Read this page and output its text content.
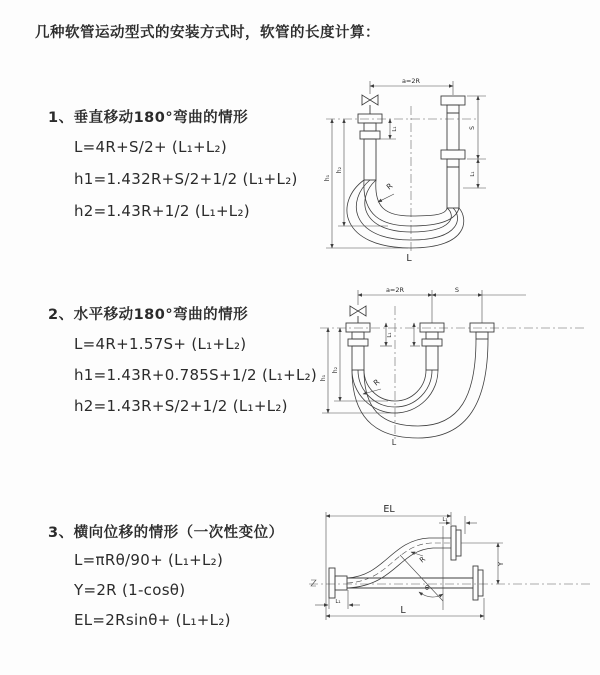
几种软管运动型式的安装方式时，软管的长度计算：
1、垂直移动180°弯曲的情形
L=4R+S/2+ (L₁+L₂)
h1=1.432R+S/2+1/2 (L₁+L₂)
h2=1.43R+1/2 (L₁+L₂)
2、水平移动180°弯曲的情形
L=4R+1.57S+ (L₁+L₂)
h1=1.43R+0.785S+1/2 (L₁+L₂)
h2=1.43R+S/2+1/2 (L₁+L₂)
3、横向位移的情形（一次性变位）
L=πRθ/90+ (L₁+L₂)
Y=2R (1-cosθ)
EL=2Rsinθ+ (L₁+L₂)
a=2R
h₁
h₂
L₁	S
L₁
R
L
a=2R	S
h₁
h₂
L₁
R
L
EL
L₁
Y
L
L₁
θ
R
